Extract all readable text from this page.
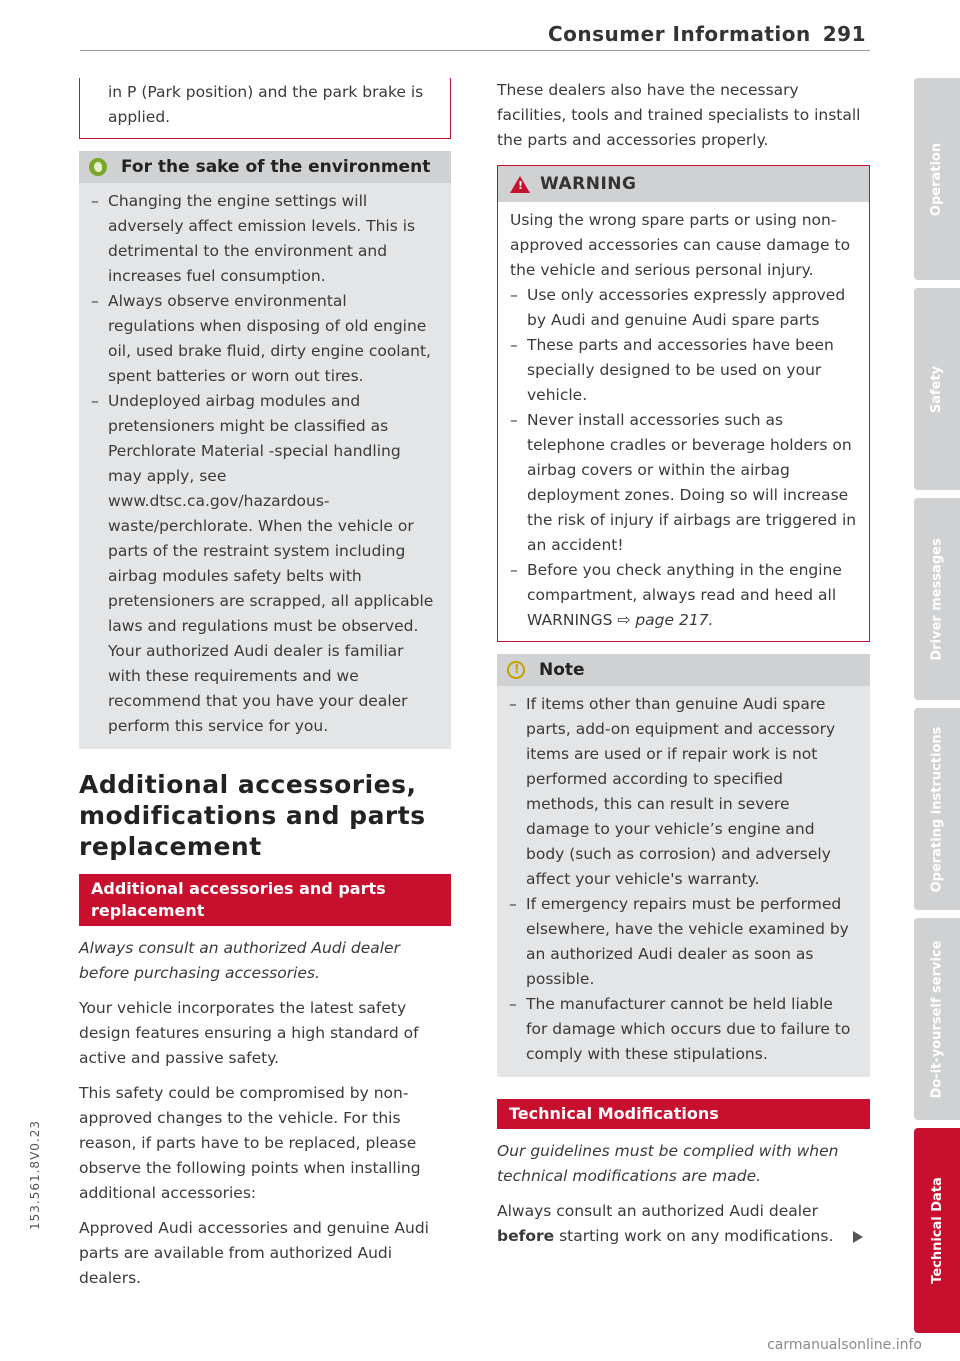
Consumer Information 291

in P (Park position) and the park brake is applied.

For the sake of the environment
– Changing the engine settings will adversely affect emission levels. This is detrimental to the environment and increases fuel consumption.
– Always observe environmental regulations when disposing of old engine oil, used brake fluid, dirty engine coolant, spent batteries or worn out tires.
– Undeployed airbag modules and pretensioners might be classified as Perchlorate Material -special handling may apply, see www.dtsc.ca.gov/hazardous-waste/perchlorate. When the vehicle or parts of the restraint system including airbag modules safety belts with pretensioners are scrapped, all applicable laws and regulations must be observed. Your authorized Audi dealer is familiar with these requirements and we recommend that you have your dealer perform this service for you.
Additional accessories, modifications and parts replacement
Additional accessories and parts replacement

Always consult an authorized Audi dealer before purchasing accessories.

Your vehicle incorporates the latest safety design features ensuring a high standard of active and passive safety.

This safety could be compromised by non-approved changes to the vehicle. For this reason, if parts have to be replaced, please observe the following points when installing additional accessories:

Approved Audi accessories and genuine Audi parts are available from authorized Audi dealers.

These dealers also have the necessary facilities, tools and trained specialists to install the parts and accessories properly.

!
WARNING

Using the wrong spare parts or using non-approved accessories can cause damage to the vehicle and serious personal injury.

– Use only accessories expressly approved by Audi and genuine Audi spare parts
– These parts and accessories have been specially designed to be used on your vehicle.
– Never install accessories such as telephone cradles or beverage holders on airbag covers or within the airbag deployment zones. Doing so will increase the risk of injury if airbags are triggered in an accident!
– Before you check anything in the engine compartment, always read and heed all WARNINGS ⇨ page 217.
!
Note
– If items other than genuine Audi spare parts, add-on equipment and accessory items are used or if repair work is not performed according to specified methods, this can result in severe damage to your vehicle’s engine and body (such as corrosion) and adversely affect your vehicle's warranty.
– If emergency repairs must be performed elsewhere, have the vehicle examined by an authorized Audi dealer as soon as possible.
– The manufacturer cannot be held liable for damage which occurs due to failure to comply with these stipulations.
Technical Modifications

Our guidelines must be complied with when technical modifications are made.

Always consult an authorized Audi dealer before starting work on any modifications.

Operation
Safety
Driver messages
Operating instructions
Do-it-yourself service
Technical Data
153.561.8V0.23
carmanualsonline.info
